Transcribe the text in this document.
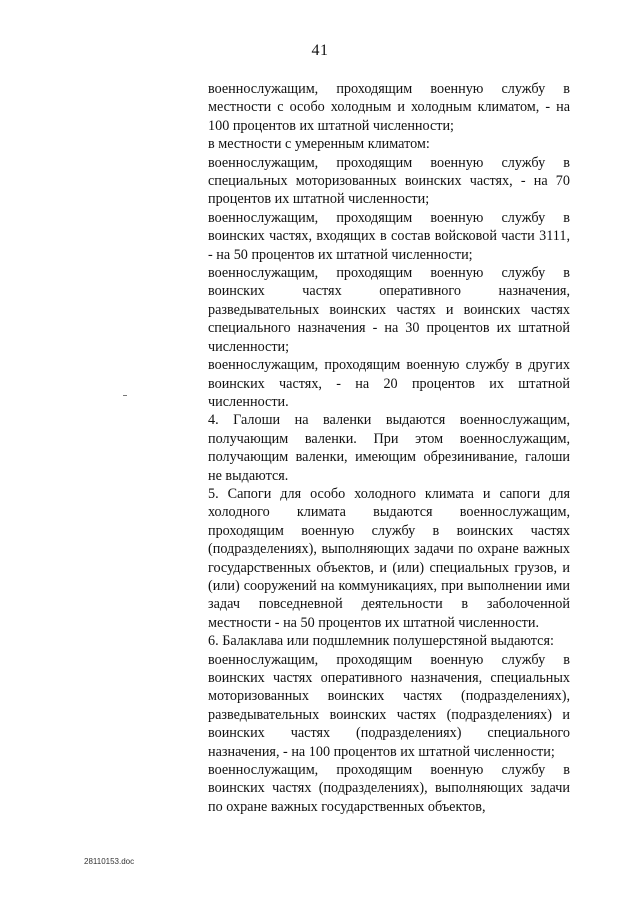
41

военнослужащим, проходящим военную службу в местности с особо холодным и холодным климатом, - на 100 процентов их штатной численности;

в местности с умеренным климатом:

военнослужащим, проходящим военную службу в специальных моторизованных воинских частях, - на 70 процентов их штатной численности;

военнослужащим, проходящим военную службу в воинских частях, входящих в состав войсковой части 3111, - на 50 процентов их штатной численности;

военнослужащим, проходящим военную службу в воинских частях оперативного назначения, разведывательных воинских частях и воинских частях специального назначения - на 30 процентов их штатной численности;

военнослужащим, проходящим военную службу в других воинских частях, - на 20 процентов их штатной численности.

4. Галоши на валенки выдаются военнослужащим, получающим валенки. При этом военнослужащим, получающим валенки, имеющим обрезинивание, галоши не выдаются.

5. Сапоги для особо холодного климата и сапоги для холодного климата выдаются военнослужащим, проходящим военную службу в воинских частях (подразделениях), выполняющих задачи по охране важных государственных объектов, и (или) специальных грузов, и (или) сооружений на коммуникациях, при выполнении ими задач повседневной деятельности в заболоченной местности - на 50 процентов их штатной численности.

6. Балаклава или подшлемник полушерстяной выдаются:

военнослужащим, проходящим военную службу в воинских частях оперативного назначения, специальных моторизованных воинских частях (подразделениях), разведывательных воинских частях (подразделениях) и воинских частях (подразделениях) специального назначения, - на 100 процентов их штатной численности;

военнослужащим, проходящим военную службу в воинских частях (подразделениях), выполняющих задачи по охране важных государственных объектов,

28110153.doc
